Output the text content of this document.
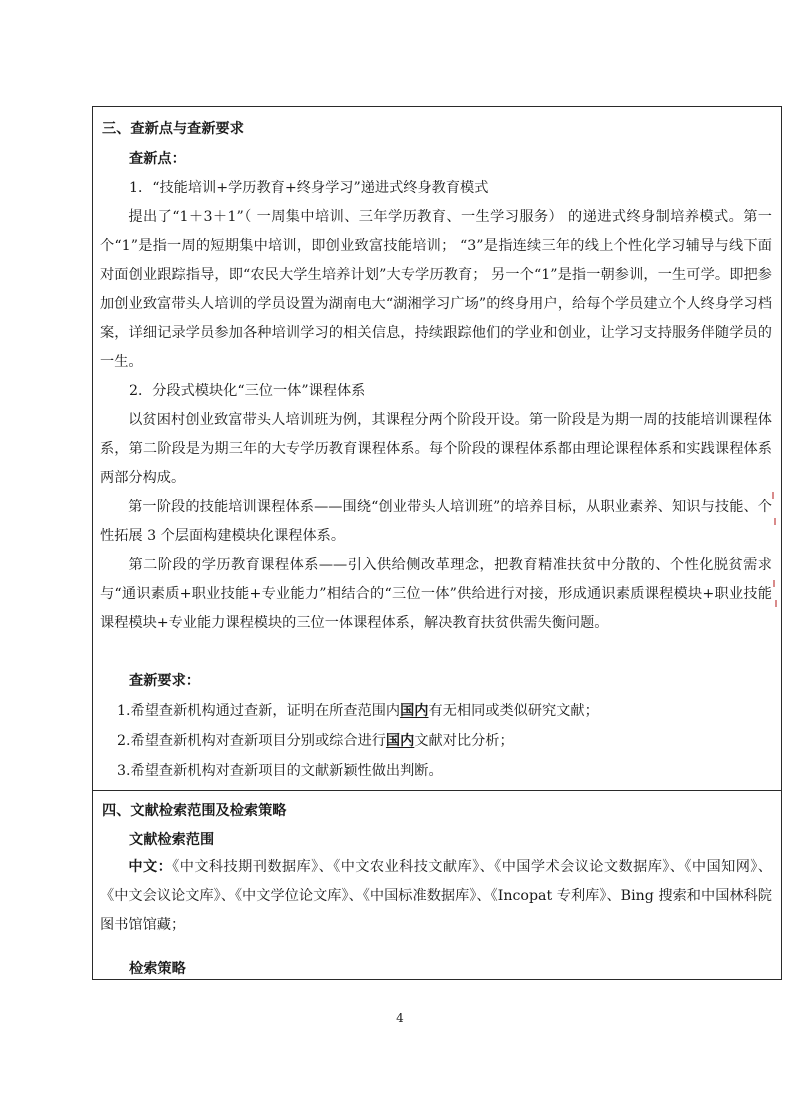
三、查新点与查新要求
查新点：
1．“技能培训+学历教育+终身学习”递进式终身教育模式
提出了“1＋3＋1”（ 一周集中培训、三年学历教育、一生学习服务） 的递进式终身制培养模式。第一个“1”是指一周的短期集中培训，即创业致富技能培训； “3”是指连续三年的线上个性化学习辅导与线下面对面创业跟踪指导，即“农民大学生培养计划”大专学历教育； 另一个“1”是指一朝参训，一生可学。即把参加创业致富带头人培训的学员设置为湖南电大“湖湘学习广场”的终身用户，给每个学员建立个人终身学习档案，详细记录学员参加各种培训学习的相关信息，持续跟踪他们的学业和创业，让学习支持服务伴随学员的一生。
2．分段式模块化“三位一体”课程体系
以贫困村创业致富带头人培训班为例，其课程分两个阶段开设。第一阶段是为期一周的技能培训课程体系，第二阶段是为期三年的大专学历教育课程体系。每个阶段的课程体系都由理论课程体系和实践课程体系两部分构成。
第一阶段的技能培训课程体系——围绕“创业带头人培训班”的培养目标，从职业素养、知识与技能、个性拓展 3 个层面构建模块化课程体系。
第二阶段的学历教育课程体系——引入供给侧改革理念，把教育精准扶贫中分散的、个性化脱贫需求与“通识素质+职业技能+专业能力”相结合的“三位一体”供给进行对接，形成通识素质课程模块+职业技能课程模块+专业能力课程模块的三位一体课程体系，解决教育扶贫供需失衡问题。
查新要求：
1.希望查新机构通过查新，证明在所查范围内国内有无相同或类似研究文献；
2.希望查新机构对查新项目分别或综合进行国内文献对比分析；
3.希望查新机构对查新项目的文献新颖性做出判断。
四、文献检索范围及检索策略
文献检索范围
中文：《中文科技期刊数据库》、《中文农业科技文献库》、《中国学术会议论文数据库》、《中国知网》、《中文会议论文库》、《中文学位论文库》、《中国标准数据库》、《Incopat 专利库》、Bing 搜索和中国林科院图书馆馆藏；
检索策略
4
